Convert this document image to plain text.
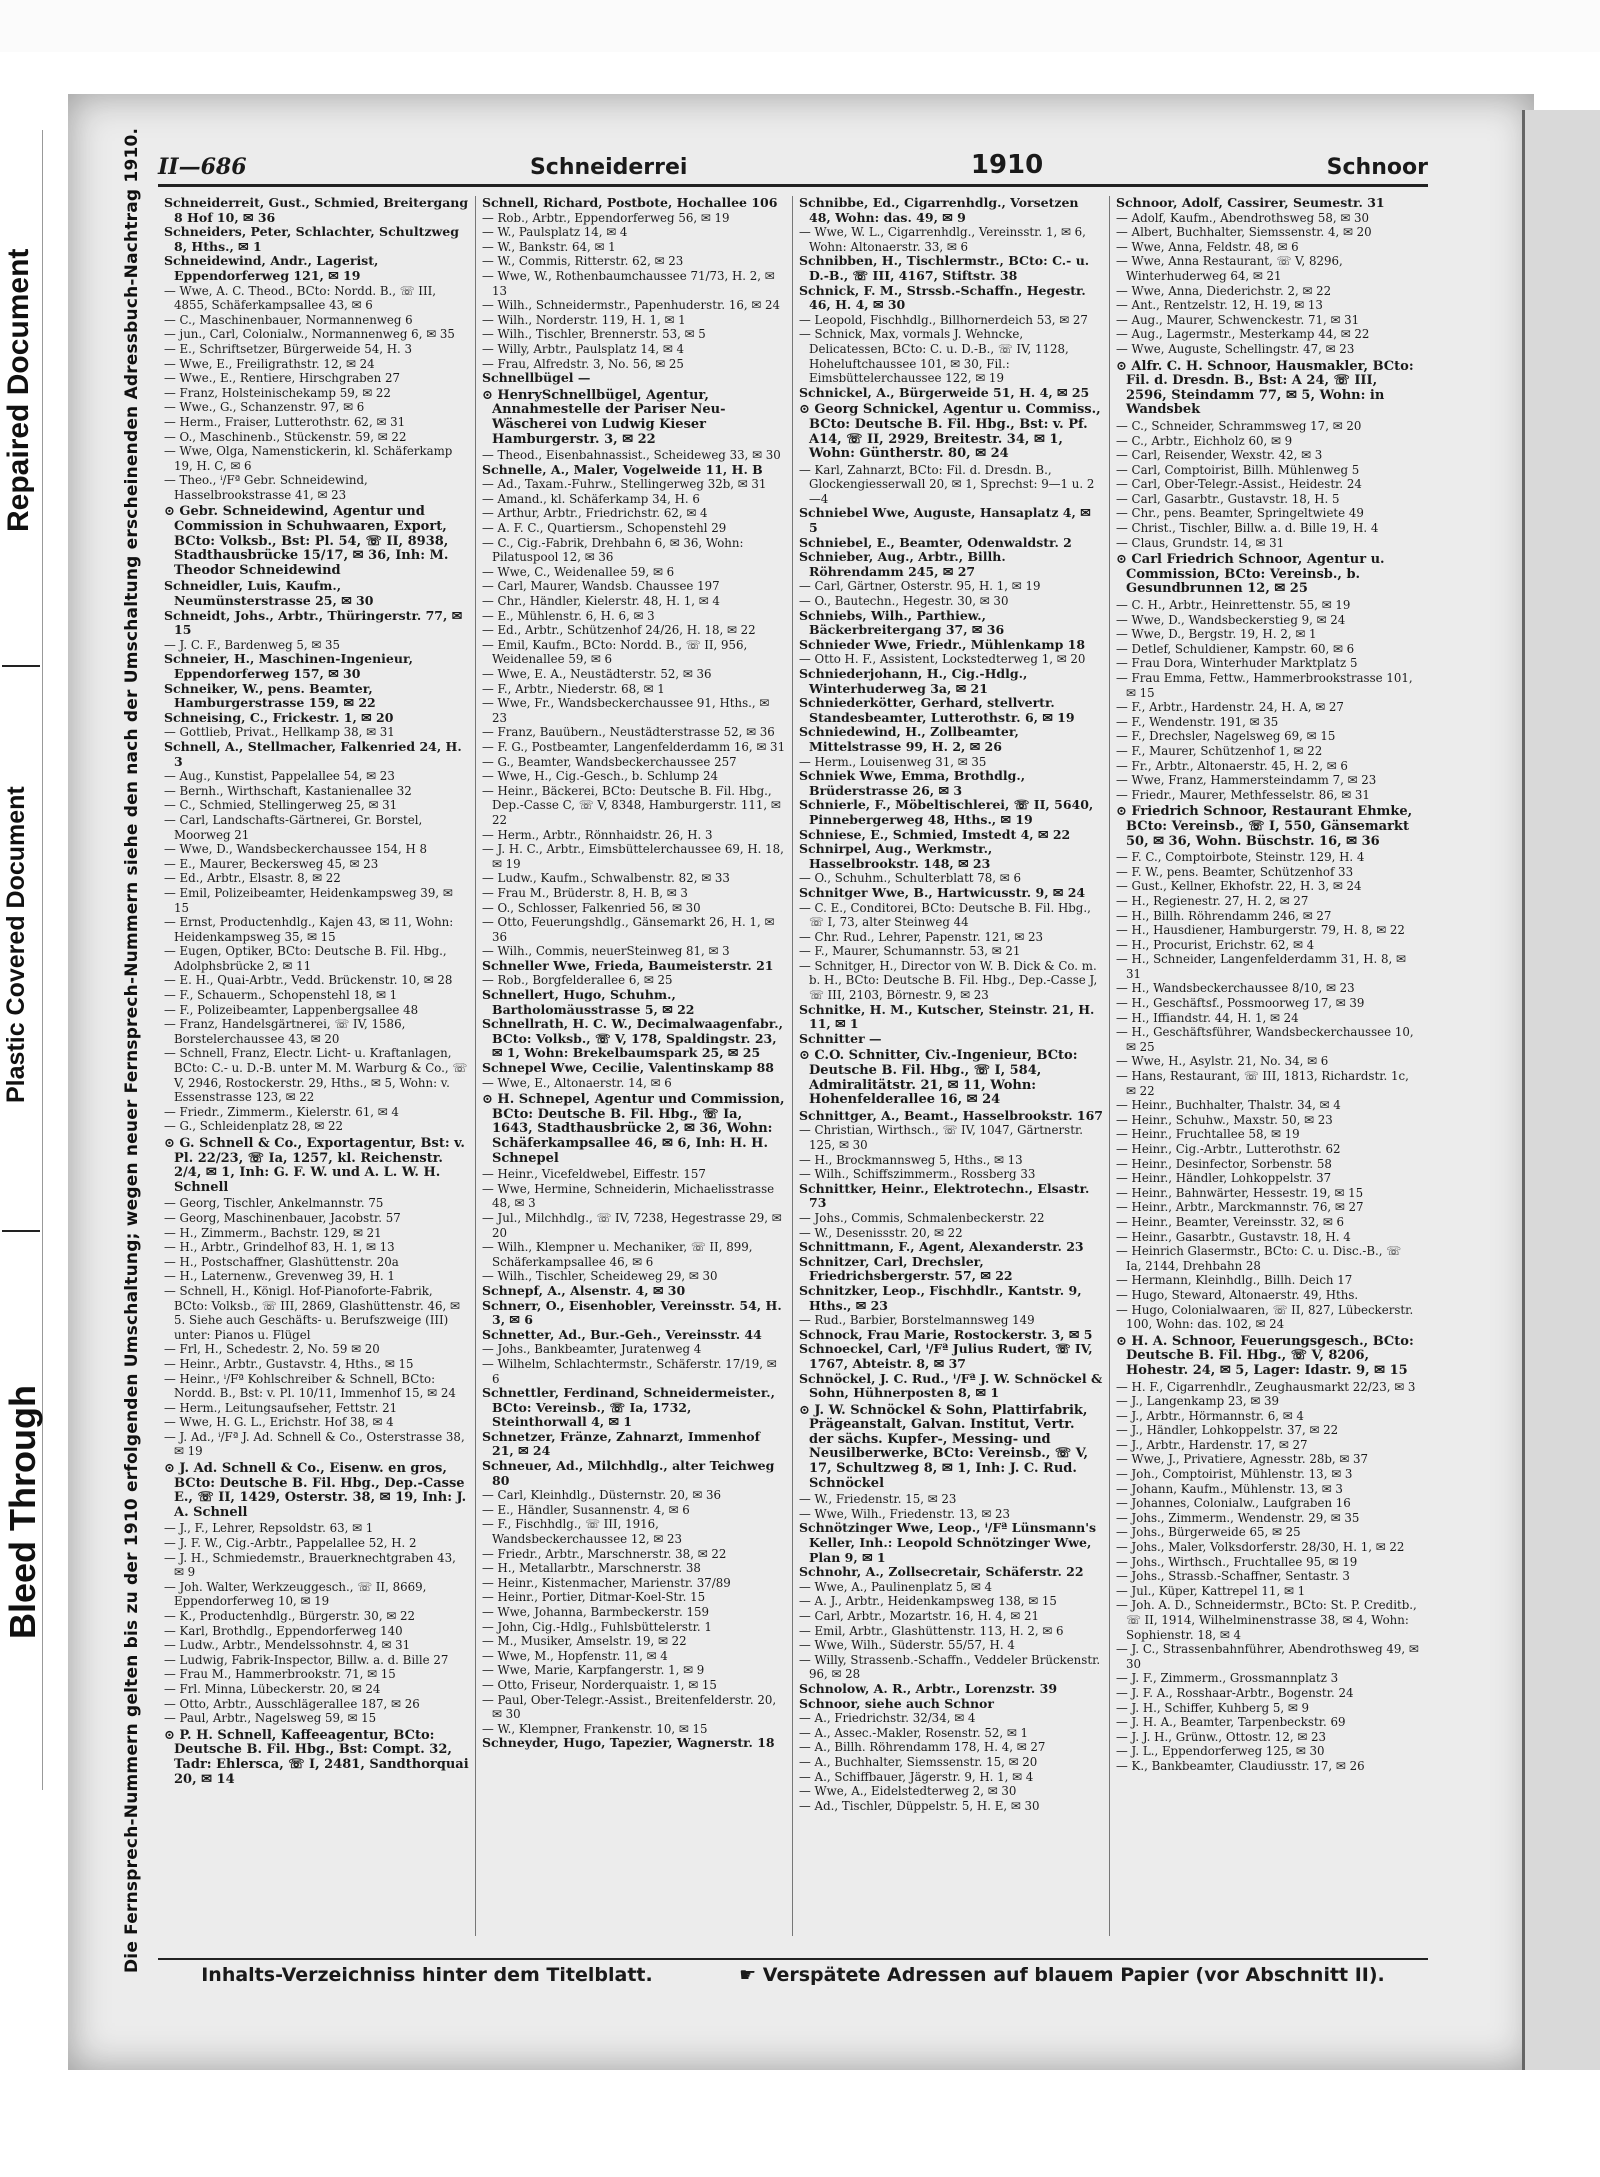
Repaired Document
Plastic Covered Document
Bleed Through	Die Fernsprech-Nummern gelten bis zu der 1910 erfolgenden Umschaltung; wegen neuer Fernsprech-Nummern siehe den nach der Umschaltung erscheinenden Adressbuch-Nachtrag 1910. II—686	Schneiderrei	1910	Schnoor

Schneiderreit, Gust., Schmied, Breitergang 8 Hof 10, ✉ 36

Schneiders, Peter, Schlachter, Schultzweg 8, Hths., ✉ 1

Schneidewind, Andr., Lagerist, Eppendorferweg 121, ✉ 19

— Wwe, A. C. Theod., BCto: Nordd. B., ☏ III, 4855, Schäferkampsallee 43, ✉ 6

— C., Maschinenbauer, Normannenweg 6

— jun., Carl, Colonialw., Normannenweg 6, ✉ 35

— E., Schriftsetzer, Bürgerweide 54, H. 3

— Wwe, E., Freiligrathstr. 12, ✉ 24

— Wwe., E., Rentiere, Hirschgraben 27

— Franz, Holsteinischekamp 59, ✉ 22

— Wwe., G., Schanzenstr. 97, ✉ 6

— Herm., Fraiser, Lutterothstr. 62, ✉ 31

— O., Maschinenb., Stückenstr. 59, ✉ 22

— Wwe, Olga, Namenstickerin, kl. Schäferkamp 19, H. C, ✉ 6

— Theo., ⁱ/Fª Gebr. Schneidewind, Hasselbrookstrasse 41, ✉ 23

⊙ Gebr. Schneidewind, Agentur und Commission in Schuhwaaren, Export, BCto: Volksb., Bst: Pl. 54, ☏ II, 8938, Stadthausbrücke 15/17, ✉ 36, Inh: M. Theodor Schneidewind

Schneidler, Luis, Kaufm., Neumünsterstrasse 25, ✉ 30

Schneidt, Johs., Arbtr., Thüringerstr. 77, ✉ 15

— J. C. F., Bardenweg 5, ✉ 35

Schneier, H., Maschinen-Ingenieur, Eppendorferweg 157, ✉ 30

Schneiker, W., pens. Beamter, Hamburgerstrasse 159, ✉ 22

Schneising, C., Frickestr. 1, ✉ 20

— Gottlieb, Privat., Hellkamp 38, ✉ 31

Schnell, A., Stellmacher, Falkenried 24, H. 3

— Aug., Kunstist, Pappelallee 54, ✉ 23

— Bernh., Wirthschaft, Kastanienallee 32

— C., Schmied, Stellingerweg 25, ✉ 31

— Carl, Landschafts-Gärtnerei, Gr. Borstel, Moorweg 21

— Wwe, D., Wandsbeckerchaussee 154, H 8

— E., Maurer, Beckersweg 45, ✉ 23

— Ed., Arbtr., Elsastr. 8, ✉ 22

— Emil, Polizeibeamter, Heidenkampsweg 39, ✉ 15

— Ernst, Productenhdlg., Kajen 43, ✉ 11, Wohn: Heidenkampsweg 35, ✉ 15

— Eugen, Optiker, BCto: Deutsche B. Fil. Hbg., Adolphsbrücke 2, ✉ 11

— E. H., Quai-Arbtr., Vedd. Brückenstr. 10, ✉ 28

— F., Schauerm., Schopenstehl 18, ✉ 1

— F., Polizeibeamter, Lappenbergsallee 48

— Franz, Handelsgärtnerei, ☏ IV, 1586, Borstelerchaussee 43, ✉ 20

— Schnell, Franz, Electr. Licht- u. Kraftanlagen, BCto: C.- u. D.-B. unter M. M. Warburg & Co., ☏ V, 2946, Rostockerstr. 29, Hths., ✉ 5, Wohn: v. Essenstrasse 123, ✉ 22

— Friedr., Zimmerm., Kielerstr. 61, ✉ 4

— G., Schleidenplatz 28, ✉ 22

⊙ G. Schnell & Co., Exportagentur, Bst: v. Pl. 22/23, ☏ Ia, 1257, kl. Reichenstr. 2/4, ✉ 1, Inh: G. F. W. und A. L. W. H. Schnell

— Georg, Tischler, Ankelmannstr. 75

— Georg, Maschinenbauer, Jacobstr. 57

— H., Zimmerm., Bachstr. 129, ✉ 21

— H., Arbtr., Grindelhof 83, H. 1, ✉ 13

— H., Postschaffner, Glashüttenstr. 20a

— H., Laternenw., Grevenweg 39, H. 1

— Schnell, H., Königl. Hof-Pianoforte-Fabrik, BCto: Volksb., ☏ III, 2869, Glashüttenstr. 46, ✉ 5. Siehe auch Geschäfts- u. Berufszweige (III) unter: Pianos u. Flügel

— Frl, H., Schedestr. 2, No. 59 ✉ 20

— Heinr., Arbtr., Gustavstr. 4, Hths., ✉ 15

— Heinr., ⁱ/Fª Kohlschreiber & Schnell, BCto: Nordd. B., Bst: v. Pl. 10/11, Immenhof 15, ✉ 24

— Herm., Leitungsaufseher, Fettstr. 21

— Wwe, H. G. L., Erichstr. Hof 38, ✉ 4

— J. Ad., ⁱ/Fª J. Ad. Schnell & Co., Osterstrasse 38, ✉ 19

⊙ J. Ad. Schnell & Co., Eisenw. en gros, BCto: Deutsche B. Fil. Hbg., Dep.-Casse E., ☏ II, 1429, Osterstr. 38, ✉ 19, Inh: J. A. Schnell

— J., F., Lehrer, Repsoldstr. 63, ✉ 1

— J. F. W., Cig.-Arbtr., Pappelallee 52, H. 2

— J. H., Schmiedemstr., Brauerknechtgraben 43, ✉ 9

— Joh. Walter, Werkzeuggesch., ☏ II, 8669, Eppendorferweg 10, ✉ 19

— K., Productenhdlg., Bürgerstr. 30, ✉ 22

— Karl, Brothdlg., Eppendorferweg 140

— Ludw., Arbtr., Mendelssohnstr. 4, ✉ 31

— Ludwig, Fabrik-Inspector, Billw. a. d. Bille 27

— Frau M., Hammerbrookstr. 71, ✉ 15

— Frl. Minna, Lübeckerstr. 20, ✉ 24

— Otto, Arbtr., Ausschlägerallee 187, ✉ 26

— Paul, Arbtr., Nagelsweg 59, ✉ 15

⊙ P. H. Schnell, Kaffeeagentur, BCto: Deutsche B. Fil. Hbg., Bst: Compt. 32, Tadr: Ehlersca, ☏ I, 2481, Sandthorquai 20, ✉ 14

Schnell, Richard, Postbote, Hochallee 106

— Rob., Arbtr., Eppendorferweg 56, ✉ 19

— W., Paulsplatz 14, ✉ 4

— W., Bankstr. 64, ✉ 1

— W., Commis, Ritterstr. 62, ✉ 23

— Wwe, W., Rothenbaumchaussee 71/73, H. 2, ✉ 13

— Wilh., Schneidermstr., Papenhuderstr. 16, ✉ 24

— Wilh., Norderstr. 119, H. 1, ✉ 1

— Wilh., Tischler, Brennerstr. 53, ✉ 5

— Willy, Arbtr., Paulsplatz 14, ✉ 4

— Frau, Alfredstr. 3, No. 56, ✉ 25

Schnellbügel —

⊙ HenrySchnellbügel, Agentur, Annahmestelle der Pariser Neu-Wäscherei von Ludwig Kieser Hamburgerstr. 3, ✉ 22

— Theod., Eisenbahnassist., Scheideweg 33, ✉ 30

Schnelle, A., Maler, Vogelweide 11, H. B

— Ad., Taxam.-Fuhrw., Stellingerweg 32b, ✉ 31

— Amand., kl. Schäferkamp 34, H. 6

— Arthur, Arbtr., Friedrichstr. 62, ✉ 4

— A. F. C., Quartiersm., Schopenstehl 29

— C., Cig.-Fabrik, Drehbahn 6, ✉ 36, Wohn: Pilatuspool 12, ✉ 36

— Wwe, C., Weidenallee 59, ✉ 6

— Carl, Maurer, Wandsb. Chaussee 197

— Chr., Händler, Kielerstr. 48, H. 1, ✉ 4

— E., Mühlenstr. 6, H. 6, ✉ 3

— Ed., Arbtr., Schützenhof 24/26, H. 18, ✉ 22

— Emil, Kaufm., BCto: Nordd. B., ☏ II, 956, Weidenallee 59, ✉ 6

— Wwe, E. A., Neustädterstr. 52, ✉ 36

— F., Arbtr., Niederstr. 68, ✉ 1

— Wwe, Fr., Wandsbeckerchaussee 91, Hths., ✉ 23

— Franz, Bauübern., Neustädterstrasse 52, ✉ 36

— F. G., Postbeamter, Langenfelderdamm 16, ✉ 31

— G., Beamter, Wandsbeckerchaussee 257

— Wwe, H., Cig.-Gesch., b. Schlump 24

— Heinr., Bäckerei, BCto: Deutsche B. Fil. Hbg., Dep.-Casse C, ☏ V, 8348, Hamburgerstr. 111, ✉ 22

— Herm., Arbtr., Rönnhaidstr. 26, H. 3

— J. H. C., Arbtr., Eimsbüttelerchaussee 69, H. 18, ✉ 19

— Ludw., Kaufm., Schwalbenstr. 82, ✉ 33

— Frau M., Brüderstr. 8, H. B, ✉ 3

— O., Schlosser, Falkenried 56, ✉ 30

— Otto, Feuerungshdlg., Gänsemarkt 26, H. 1, ✉ 36

— Wilh., Commis, neuerSteinweg 81, ✉ 3

Schneller Wwe, Frieda, Baumeisterstr. 21

— Rob., Borgfelderallee 6, ✉ 25

Schnellert, Hugo, Schuhm., Bartholomäusstrasse 5, ✉ 22

Schnellrath, H. C. W., Decimalwaagenfabr., BCto: Volksb., ☏ V, 178, Spaldingstr. 23, ✉ 1, Wohn: Brekelbaumspark 25, ✉ 25

Schnepel Wwe, Cecilie, Valentinskamp 88

— Wwe, E., Altonaerstr. 14, ✉ 6

⊙ H. Schnepel, Agentur und Commission, BCto: Deutsche B. Fil. Hbg., ☏ Ia, 1643, Stadthausbrücke 2, ✉ 36, Wohn: Schäferkampsallee 46, ✉ 6, Inh: H. H. Schnepel

— Heinr., Vicefeldwebel, Eiffestr. 157

— Wwe, Hermine, Schneiderin, Michaelisstrasse 48, ✉ 3

— Jul., Milchhdlg., ☏ IV, 7238, Hegestrasse 29, ✉ 20

— Wilh., Klempner u. Mechaniker, ☏ II, 899, Schäferkampsallee 46, ✉ 6

— Wilh., Tischler, Scheideweg 29, ✉ 30

Schnepf, A., Alsenstr. 4, ✉ 30

Schnerr, O., Eisenhobler, Vereinsstr. 54, H. 3, ✉ 6

Schnetter, Ad., Bur.-Geh., Vereinsstr. 44

— Johs., Bankbeamter, Juratenweg 4

— Wilhelm, Schlachtermstr., Schäferstr. 17/19, ✉ 6

Schnettler, Ferdinand, Schneidermeister., BCto: Vereinsb., ☏ Ia, 1732, Steinthorwall 4, ✉ 1

Schnetzer, Fränze, Zahnarzt, Immenhof 21, ✉ 24

Schneuer, Ad., Milchhdlg., alter Teichweg 80

— Carl, Kleinhdlg., Düsternstr. 20, ✉ 36

— E., Händler, Susannenstr. 4, ✉ 6

— F., Fischhdlg., ☏ III, 1916, Wandsbeckerchaussee 12, ✉ 23

— Friedr., Arbtr., Marschnerstr. 38, ✉ 22

— H., Metallarbtr., Marschnerstr. 38

— Heinr., Kistenmacher, Marienstr. 37/89

— Heinr., Portier, Ditmar-Koel-Str. 15

— Wwe, Johanna, Barmbeckerstr. 159

— John, Cig.-Hdlg., Fuhlsbüttelerstr. 1

— M., Musiker, Amselstr. 19, ✉ 22

— Wwe, M., Hopfenstr. 11, ✉ 4

— Wwe, Marie, Karpfangerstr. 1, ✉ 9

— Otto, Friseur, Norderquaistr. 1, ✉ 15

— Paul, Ober-Telegr.-Assist., Breitenfelderstr. 20, ✉ 30

— W., Klempner, Frankenstr. 10, ✉ 15

Schneyder, Hugo, Tapezier, Wagnerstr. 18

Schnibbe, Ed., Cigarrenhdlg., Vorsetzen 48, Wohn: das. 49, ✉ 9

— Wwe, W. L., Cigarrenhdlg., Vereinsstr. 1, ✉ 6, Wohn: Altonaerstr. 33, ✉ 6

Schnibben, H., Tischlermstr., BCto: C.- u. D.-B., ☏ III, 4167, Stiftstr. 38

Schnick, F. M., Strssb.-Schaffn., Hegestr. 46, H. 4, ✉ 30

— Leopold, Fischhdlg., Billhornerdeich 53, ✉ 27

— Schnick, Max, vormals J. Wehncke, Delicatessen, BCto: C. u. D.-B., ☏ IV, 1128, Hoheluftchaussee 101, ✉ 30, Fil.: Eimsbüttelerchaussee 122, ✉ 19

Schnickel, A., Bürgerweide 51, H. 4, ✉ 25

⊙ Georg Schnickel, Agentur u. Commiss., BCto: Deutsche B. Fil. Hbg., Bst: v. Pf. A14, ☏ II, 2929, Breitestr. 34, ✉ 1, Wohn: Güntherstr. 80, ✉ 24

— Karl, Zahnarzt, BCto: Fil. d. Dresdn. B., Glockengiesserwall 20, ✉ 1, Sprechst: 9—1 u. 2—4

Schniebel Wwe, Auguste, Hansaplatz 4, ✉ 5

Schniebel, E., Beamter, Odenwaldstr. 2

Schnieber, Aug., Arbtr., Billh. Röhrendamm 245, ✉ 27

— Carl, Gärtner, Osterstr. 95, H. 1, ✉ 19

— O., Bautechn., Hegestr. 30, ✉ 30

Schniebs, Wilh., Parthiew., Bäckerbreitergang 37, ✉ 36

Schnieder Wwe, Friedr., Mühlenkamp 18

— Otto H. F., Assistent, Lockstedterweg 1, ✉ 20

Schniederjohann, H., Cig.-Hdlg., Winterhuderweg 3a, ✉ 21

Schniederkötter, Gerhard, stellvertr. Standesbeamter, Lutterothstr. 6, ✉ 19

Schniedewind, H., Zollbeamter, Mittelstrasse 99, H. 2, ✉ 26

— Herm., Louisenweg 31, ✉ 35

Schniek Wwe, Emma, Brothdlg., Brüderstrasse 26, ✉ 3

Schnierle, F., Möbeltischlerei, ☏ II, 5640, Pinnebergerweg 48, Hths., ✉ 19

Schniese, E., Schmied, Imstedt 4, ✉ 22

Schnirpel, Aug., Werkmstr., Hasselbrookstr. 148, ✉ 23

— O., Schuhm., Schulterblatt 78, ✉ 6

Schnitger Wwe, B., Hartwicusstr. 9, ✉ 24

— C. E., Conditorei, BCto: Deutsche B. Fil. Hbg., ☏ I, 73, alter Steinweg 44

— Chr. Rud., Lehrer, Papenstr. 121, ✉ 23

— F., Maurer, Schumannstr. 53, ✉ 21

— Schnitger, H., Director von W. B. Dick & Co. m. b. H., BCto: Deutsche B. Fil. Hbg., Dep.-Casse J, ☏ III, 2103, Börnestr. 9, ✉ 23

Schnitke, H. M., Kutscher, Steinstr. 21, H. 11, ✉ 1

Schnitter —

⊙ C.O. Schnitter, Civ.-Ingenieur, BCto: Deutsche B. Fil. Hbg., ☏ I, 584, Admiralitätstr. 21, ✉ 11, Wohn: Hohenfelderallee 16, ✉ 24

Schnittger, A., Beamt., Hasselbrookstr. 167

— Christian, Wirthsch., ☏ IV, 1047, Gärtnerstr. 125, ✉ 30

— H., Brockmannsweg 5, Hths., ✉ 13

— Wilh., Schiffszimmerm., Rossberg 33

Schnittker, Heinr., Elektrotechn., Elsastr. 73

— Johs., Commis, Schmalenbeckerstr. 22

— W., Desenissstr. 20, ✉ 22

Schnittmann, F., Agent, Alexanderstr. 23

Schnitzer, Carl, Drechsler, Friedrichsbergerstr. 57, ✉ 22

Schnitzker, Leop., Fischhdlr., Kantstr. 9, Hths., ✉ 23

— Rud., Barbier, Borstelmannsweg 149

Schnock, Frau Marie, Rostockerstr. 3, ✉ 5

Schnoeckel, Carl, ⁱ/Fª Julius Rudert, ☏ IV, 1767, Abteistr. 8, ✉ 37

Schnöckel, J. C. Rud., ⁱ/Fª J. W. Schnöckel & Sohn, Hühnerposten 8, ✉ 1

⊙ J. W. Schnöckel & Sohn, Plattirfabrik, Prägeanstalt, Galvan. Institut, Vertr. der sächs. Kupfer-, Messing- und Neusilberwerke, BCto: Vereinsb., ☏ V, 17, Schultzweg 8, ✉ 1, Inh: J. C. Rud. Schnöckel

— W., Friedenstr. 15, ✉ 23

— Wwe, Wilh., Friedenstr. 13, ✉ 23

Schnötzinger Wwe, Leop., ⁱ/Fª Lünsmann's Keller, Inh.: Leopold Schnötzinger Wwe, Plan 9, ✉ 1

Schnohr, A., Zollsecretair, Schäferstr. 22

— Wwe, A., Paulinenplatz 5, ✉ 4

— A. J., Arbtr., Heidenkampsweg 138, ✉ 15

— Carl, Arbtr., Mozartstr. 16, H. 4, ✉ 21

— Emil, Arbtr., Glashüttenstr. 113, H. 2, ✉ 6

— Wwe, Wilh., Süderstr. 55/57, H. 4

— Willy, Strassenb.-Schaffn., Veddeler Brückenstr. 96, ✉ 28

Schnolow, A. R., Arbtr., Lorenzstr. 39

Schnoor, siehe auch Schnor

— A., Friedrichstr. 32/34, ✉ 4

— A., Assec.-Makler, Rosenstr. 52, ✉ 1

— A., Billh. Röhrendamm 178, H. 4, ✉ 27

— A., Buchhalter, Siemssenstr. 15, ✉ 20

— A., Schiffbauer, Jägerstr. 9, H. 1, ✉ 4

— Wwe, A., Eidelstedterweg 2, ✉ 30

— Ad., Tischler, Düppelstr. 5, H. E, ✉ 30

Schnoor, Adolf, Cassirer, Seumestr. 31

— Adolf, Kaufm., Abendrothsweg 58, ✉ 30

— Albert, Buchhalter, Siemssenstr. 4, ✉ 20

— Wwe, Anna, Feldstr. 48, ✉ 6

— Wwe, Anna Restaurant, ☏ V, 8296, Winterhuderweg 64, ✉ 21

— Wwe, Anna, Diederichstr. 2, ✉ 22

— Ant., Rentzelstr. 12, H. 19, ✉ 13

— Aug., Maurer, Schwenckestr. 71, ✉ 31

— Aug., Lagermstr., Mesterkamp 44, ✉ 22

— Wwe, Auguste, Schellingstr. 47, ✉ 23

⊙ Alfr. C. H. Schnoor, Hausmakler, BCto: Fil. d. Dresdn. B., Bst: A 24, ☏ III, 2596, Steindamm 77, ✉ 5, Wohn: in Wandsbek

— C., Schneider, Schrammsweg 17, ✉ 20

— C., Arbtr., Eichholz 60, ✉ 9

— Carl, Reisender, Wexstr. 42, ✉ 3

— Carl, Comptoirist, Billh. Mühlenweg 5

— Carl, Ober-Telegr.-Assist., Heidestr. 24

— Carl, Gasarbtr., Gustavstr. 18, H. 5

— Chr., pens. Beamter, Springeltwiete 49

— Christ., Tischler, Billw. a. d. Bille 19, H. 4

— Claus, Grundstr. 14, ✉ 31

⊙ Carl Friedrich Schnoor, Agentur u. Commission, BCto: Vereinsb., b. Gesundbrunnen 12, ✉ 25

— C. H., Arbtr., Heinrettenstr. 55, ✉ 19

— Wwe, D., Wandsbeckerstieg 9, ✉ 24

— Wwe, D., Bergstr. 19, H. 2, ✉ 1

— Detlef, Schuldiener, Kampstr. 60, ✉ 6

— Frau Dora, Winterhuder Marktplatz 5

— Frau Emma, Fettw., Hammerbrookstrasse 101, ✉ 15

— F., Arbtr., Hardenstr. 24, H. A, ✉ 27

— F., Wendenstr. 191, ✉ 35

— F., Drechsler, Nagelsweg 69, ✉ 15

— F., Maurer, Schützenhof 1, ✉ 22

— Fr., Arbtr., Altonaerstr. 45, H. 2, ✉ 6

— Wwe, Franz, Hammersteindamm 7, ✉ 23

— Friedr., Maurer, Methfesselstr. 86, ✉ 31

⊙ Friedrich Schnoor, Restaurant Ehmke, BCto: Vereinsb., ☏ I, 550, Gänsemarkt 50, ✉ 36, Wohn. Büschstr. 16, ✉ 36

— F. C., Comptoirbote, Steinstr. 129, H. 4

— F. W., pens. Beamter, Schützenhof 33

— Gust., Kellner, Ekhofstr. 22, H. 3, ✉ 24

— H., Regienestr. 27, H. 2, ✉ 27

— H., Billh. Röhrendamm 246, ✉ 27

— H., Hausdiener, Hamburgerstr. 79, H. 8, ✉ 22

— H., Procurist, Erichstr. 62, ✉ 4

— H., Schneider, Langenfelderdamm 31, H. 8, ✉ 31

— H., Wandsbeckerchaussee 8/10, ✉ 23

— H., Geschäftsf., Possmoorweg 17, ✉ 39

— H., Iffiandstr. 44, H. 1, ✉ 24

— H., Geschäftsführer, Wandsbeckerchaussee 10, ✉ 25

— Wwe, H., Asylstr. 21, No. 34, ✉ 6

— Hans, Restaurant, ☏ III, 1813, Richardstr. 1c, ✉ 22

— Heinr., Buchhalter, Thalstr. 34, ✉ 4

— Heinr., Schuhw., Maxstr. 50, ✉ 23

— Heinr., Fruchtallee 58, ✉ 19

— Heinr., Cig.-Arbtr., Lutterothstr. 62

— Heinr., Desinfector, Sorbenstr. 58

— Heinr., Händler, Lohkoppelstr. 37

— Heinr., Bahnwärter, Hessestr. 19, ✉ 15

— Heinr., Arbtr., Marckmannstr. 76, ✉ 27

— Heinr., Beamter, Vereinsstr. 32, ✉ 6

— Heinr., Gasarbtr., Gustavstr. 18, H. 4

— Heinrich Glasermstr., BCto: C. u. Disc.-B., ☏ Ia, 2144, Drehbahn 28

— Hermann, Kleinhdlg., Billh. Deich 17

— Hugo, Steward, Altonaerstr. 49, Hths.

— Hugo, Colonialwaaren, ☏ II, 827, Lübeckerstr. 100, Wohn: das. 102, ✉ 24

⊙ H. A. Schnoor, Feuerungsgesch., BCto: Deutsche B. Fil. Hbg., ☏ V, 8206, Hohestr. 24, ✉ 5, Lager: Idastr. 9, ✉ 15

— H. F., Cigarrenhdlr., Zeughausmarkt 22/23, ✉ 3

— J., Langenkamp 23, ✉ 39

— J., Arbtr., Hörmannstr. 6, ✉ 4

— J., Händler, Lohkoppelstr. 37, ✉ 22

— J., Arbtr., Hardenstr. 17, ✉ 27

— Wwe, J., Privatiere, Agnesstr. 28b, ✉ 37

— Joh., Comptoirist, Mühlenstr. 13, ✉ 3

— Johann, Kaufm., Mühlenstr. 13, ✉ 3

— Johannes, Colonialw., Laufgraben 16

— Johs., Zimmerm., Wendenstr. 29, ✉ 35

— Johs., Bürgerweide 65, ✉ 25

— Johs., Maler, Volksdorferstr. 28/30, H. 1, ✉ 22

— Johs., Wirthsch., Fruchtallee 95, ✉ 19

— Johs., Strassb.-Schaffner, Sentastr. 3

— Jul., Küper, Kattrepel 11, ✉ 1

— Joh. A. D., Schneidermstr., BCto: St. P. Creditb., ☏ II, 1914, Wilhelminenstrasse 38, ✉ 4, Wohn: Sophienstr. 18, ✉ 4

— J. C., Strassenbahnführer, Abendrothsweg 49, ✉ 30

— J. F., Zimmerm., Grossmannplatz 3

— J. F. A., Rosshaar-Arbtr., Bogenstr. 24

— J. H., Schiffer, Kuhberg 5, ✉ 9

— J. H. A., Beamter, Tarpenbeckstr. 69

— J. J. H., Grünw., Ottostr. 12, ✉ 23

— J. L., Eppendorferweg 125, ✉ 30

— K., Bankbeamter, Claudiusstr. 17, ✉ 26

Inhalts-Verzeichniss hinter dem Titelblatt.	☛ Verspätete Adressen auf blauem Papier (vor Abschnitt II).
